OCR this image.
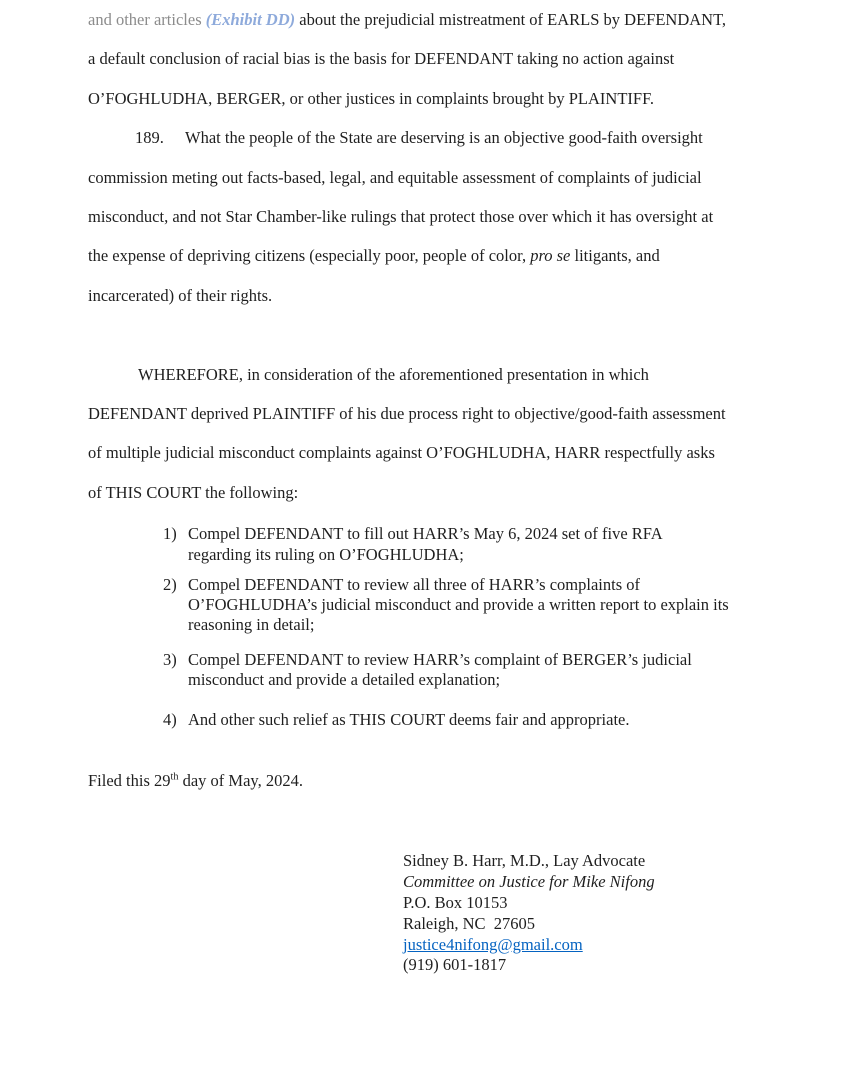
and other articles (Exhibit DD) about the prejudicial mistreatment of EARLS by DEFENDANT,
a default conclusion of racial bias is the basis for DEFENDANT taking no action against
O’FOGHLUDHA, BERGER, or other justices in complaints brought by PLAINTIFF.
189. What the people of the State are deserving is an objective good-faith oversight
commission meting out facts-based, legal, and equitable assessment of complaints of judicial
misconduct, and not Star Chamber-like rulings that protect those over which it has oversight at
the expense of depriving citizens (especially poor, people of color, pro se litigants, and
incarcerated) of their rights.
WHEREFORE, in consideration of the aforementioned presentation in which
DEFENDANT deprived PLAINTIFF of his due process right to objective/good-faith assessment
of multiple judicial misconduct complaints against O’FOGHLUDHA, HARR respectfully asks
of THIS COURT the following:
1) Compel DEFENDANT to fill out HARR’s May 6, 2024 set of five RFA
regarding its ruling on O’FOGHLUDHA;
2) Compel DEFENDANT to review all three of HARR’s complaints of
O’FOGHLUDHA’s judicial misconduct and provide a written report to explain its
reasoning in detail;
3) Compel DEFENDANT to review HARR’s complaint of BERGER’s judicial
misconduct and provide a detailed explanation;
4) And other such relief as THIS COURT deems fair and appropriate.
Filed this 29th day of May, 2024.
Sidney B. Harr, M.D., Lay Advocate
Committee on Justice for Mike Nifong
P.O. Box 10153
Raleigh, NC  27605
justice4nifong@gmail.com
(919) 601-1817
